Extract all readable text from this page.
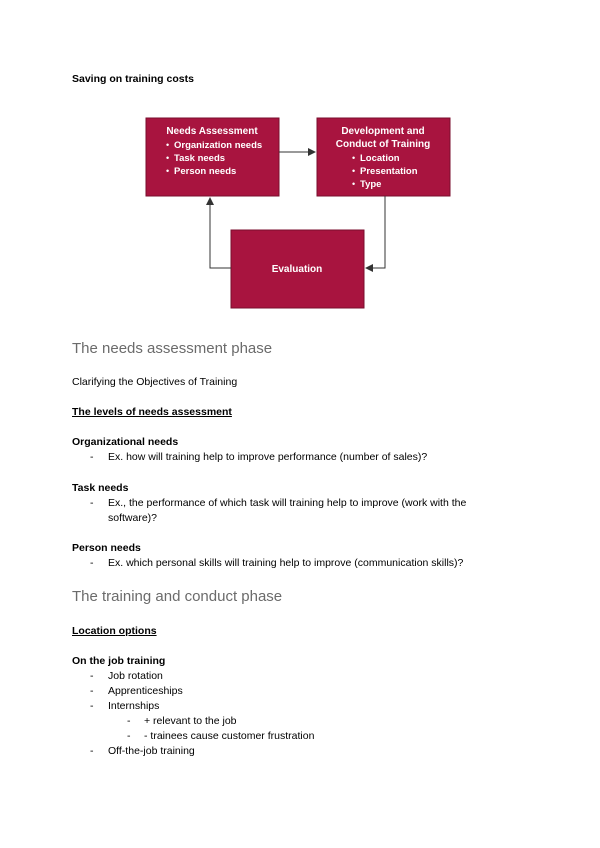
Saving on training costs
Needs Assessment
• Organization needs
• Task needs
• Person needs
Development and
Conduct of Training
• Location
• Presentation
• Type
Evaluation
The needs assessment phase
Clarifying the Objectives of Training
The levels of needs assessment
Organizational needs
- Ex. how will training help to improve performance (number of sales)?
Task needs
- Ex., the performance of which task will training help to improve (work with the
software)?
Person needs
- Ex. which personal skills will training help to improve (communication skills)?
The training and conduct phase
Location options
On the job training
- Job rotation
- Apprenticeships
- Internships
- + relevant to the job
- - trainees cause customer frustration
- Off-the-job training
